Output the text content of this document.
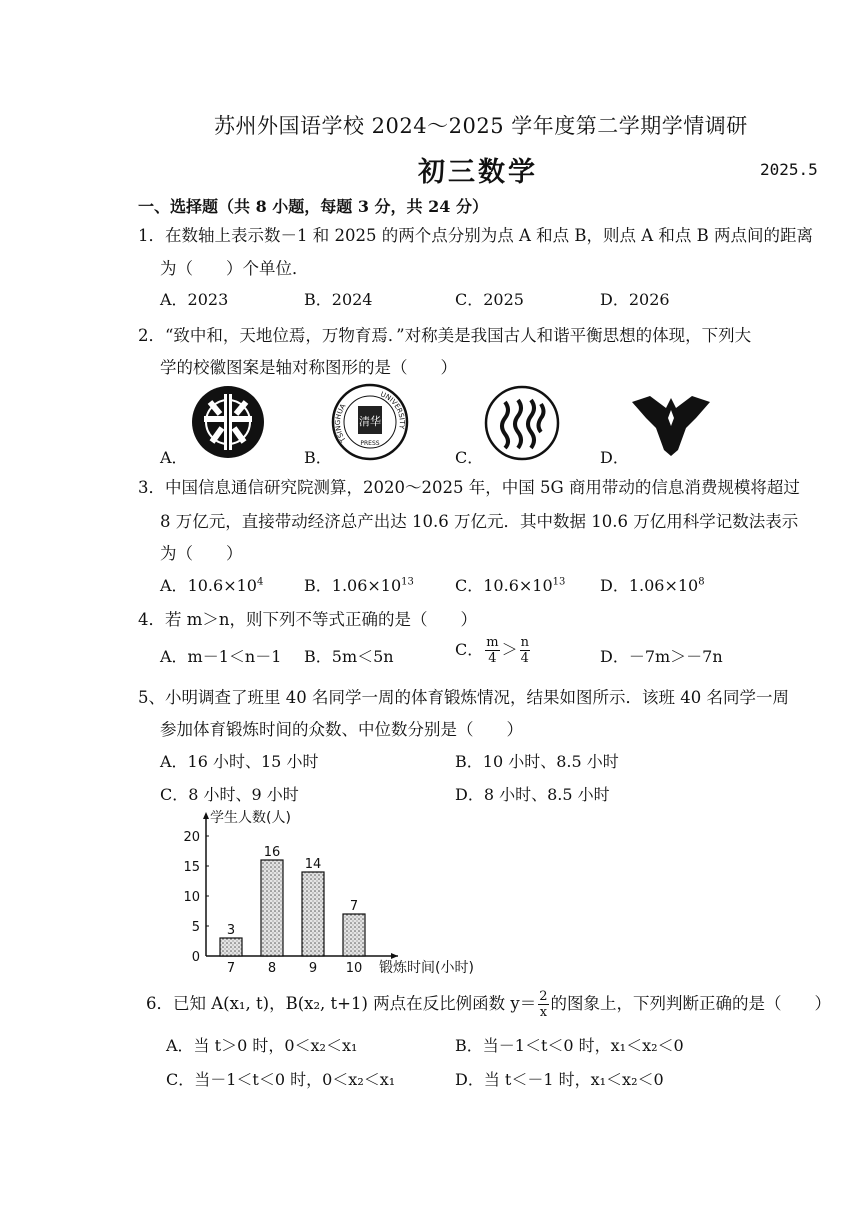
苏州外国语学校 2024～2025 学年度第二学期学情调研
初三数学	2025.5
一、选择题（共 8 小题，每题 3 分，共 24 分）
1．在数轴上表示数－1 和 2025 的两个点分别为点 A 和点 B，则点 A 和点 B 两点间的距离
为（　　）个单位．
A．2023	B．2024	C．2025	D．2026
2．“致中和，天地位焉，万物育焉．”对称美是我国古人和谐平衡思想的体现，下列大
学的校徽图案是轴对称图形的是（　　）
A．
TSINGHUA
UNIVERSITY
清华
PRESS
B．	C．	D．
3．中国信息通信研究院测算，2020～2025 年，中国 5G 商用带动的信息消费规模将超过
8 万亿元，直接带动经济总产出达 10.6 万亿元．其中数据 10.6 万亿用科学记数法表示
为（　　）
A．$10.6\times 10^4$	B．$1.06\times 10^{13}$	C．$10.6\times 10^{13}$ D．$1.06\times 10^8$
4．若 m＞n，则下列不等式正确的是（　　）
A．m－1＜n－1 B．5m＜5n	C． $\frac{m}{4} > \frac{n}{4}$	D．－7m＞－7n
5、小明调查了班里 40 名同学一周的体育锻炼情况，结果如图所示．该班 40 名同学一周
参加体育锻炼时间的众数、中位数分别是（　　）
A．16 小时、15 小时	B．10 小时、8.5 小时
C．8 小时、9 小时	D．8 小时、8.5 小时
0
5
10
15
20
学生人数(人)
3
7
16
8
14
9
7
10 锻炼时间(小时)
6．已知 A(x₁, t)，B(x₂, t+1) 两点在反比例函数 $y= \frac{2}{x}$ 的图象上，下列判断正确的是（　　）
A．当 t＞0 时，0＜x₂＜x₁	B．当－1＜t＜0 时，x₁＜x₂＜0
C．当－1＜t＜0 时，0＜x₂＜x₁	D．当 t＜－1 时，x₁＜x₂＜0
